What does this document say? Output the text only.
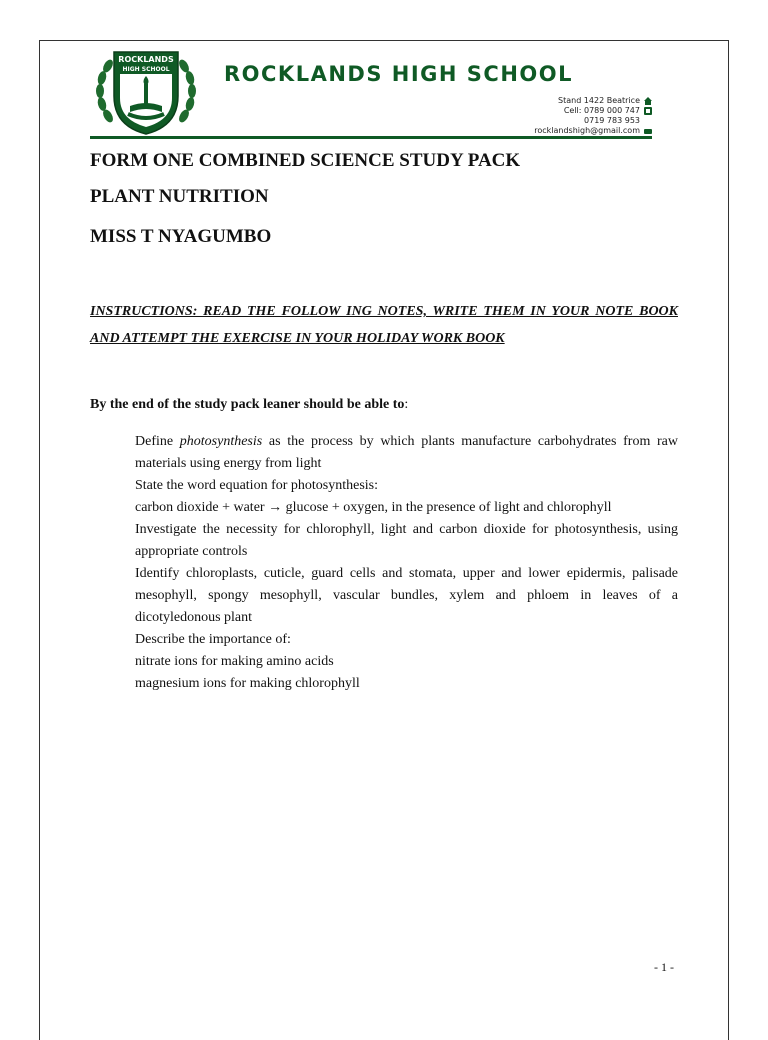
ROCKLANDS
HIGH SCHOOL	ROCKLANDS HIGH SCHOOL
Stand 1422 Beatrice
Cell: 0789 000 747
0719 783 953
rocklandshigh@gmail.com
FORM ONE COMBINED SCIENCE STUDY PACK
PLANT NUTRITION
MISS T NYAGUMBO
INSTRUCTIONS: READ THE FOLLOW ING NOTES, WRITE THEM IN YOUR NOTE BOOK AND ATTEMPT THE EXERCISE IN YOUR HOLIDAY WORK BOOK
By the end of the study pack leaner should be able to:

Define photosynthesis as the process by which plants manufacture carbohydrates from raw materials using energy from light

State the word equation for photosynthesis:

carbon dioxide + water → glucose + oxygen, in the presence of light and chlorophyll

Investigate the necessity for chlorophyll, light and carbon dioxide for photosynthesis, using appropriate controls

Identify chloroplasts, cuticle, guard cells and stomata, upper and lower epidermis, palisade mesophyll, spongy mesophyll, vascular bundles, xylem and phloem in leaves of a dicotyledonous plant

Describe the importance of:

nitrate ions for making amino acids

magnesium ions for making chlorophyll

- 1 -
